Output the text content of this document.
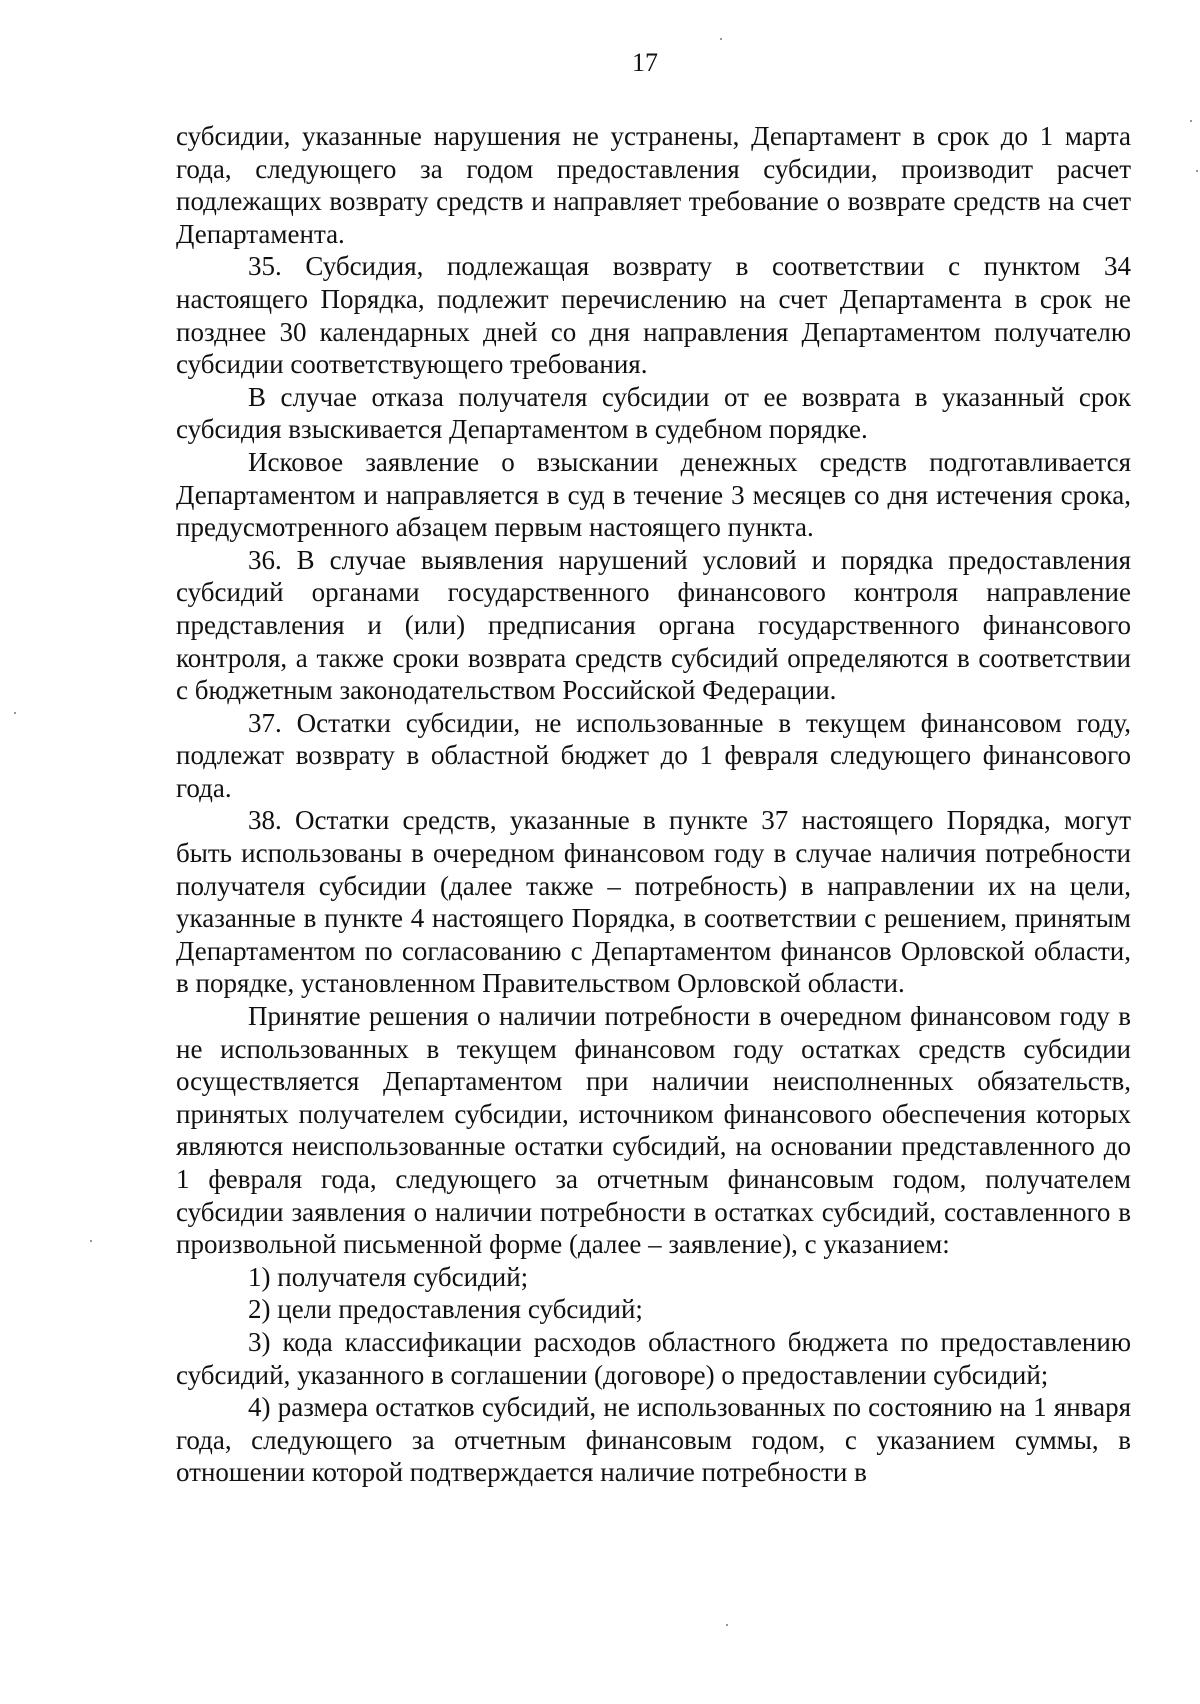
17

субсидии, указанные нарушения не устранены, Департамент в срок до 1 марта года, следующего за годом предоставления субсидии, производит расчет подлежащих возврату средств и направляет требование о возврате средств на счет Департамента.

35. Субсидия, подлежащая возврату в соответствии с пунктом 34 настоящего Порядка, подлежит перечислению на счет Департамента в срок не позднее 30 календарных дней со дня направления Департаментом получателю субсидии соответствующего требования.

В случае отказа получателя субсидии от ее возврата в указанный срок субсидия взыскивается Департаментом в судебном порядке.

Исковое заявление о взыскании денежных средств подготавливается Департаментом и направляется в суд в течение 3 месяцев со дня истечения срока, предусмотренного абзацем первым настоящего пункта.

36. В случае выявления нарушений условий и порядка предоставления субсидий органами государственного финансового контроля направление представления и (или) предписания органа государственного финансового контроля, а также сроки возврата средств субсидий определяются в соответствии с бюджетным законодательством Российской Федерации.

37. Остатки субсидии, не использованные в текущем финансовом году, подлежат возврату в областной бюджет до 1 февраля следующего финансового года.

38. Остатки средств, указанные в пункте 37 настоящего Порядка, могут быть использованы в очередном финансовом году в случае наличия потребности получателя субсидии (далее также – потребность) в направлении их на цели, указанные в пункте 4 настоящего Порядка, в соответствии с решением, принятым Департаментом по согласованию с Департаментом финансов Орловской области, в порядке, установленном Правительством Орловской области.

Принятие решения о наличии потребности в очередном финансовом году в не использованных в текущем финансовом году остатках средств субсидии осуществляется Департаментом при наличии неисполненных обязательств, принятых получателем субсидии, источником финансового обеспечения которых являются неиспользованные остатки субсидий, на основании представленного до 1 февраля года, следующего за отчетным финансовым годом, получателем субсидии заявления о наличии потребности в остатках субсидий, составленного в произвольной письменной форме (далее – заявление), с указанием:

1) получателя субсидий;

2) цели предоставления субсидий;

3) кода классификации расходов областного бюджета по предоставлению субсидий, указанного в соглашении (договоре) о предоставлении субсидий;

4) размера остатков субсидий, не использованных по состоянию на 1 января года, следующего за отчетным финансовым годом, с указанием суммы, в отношении которой подтверждается наличие потребности в
